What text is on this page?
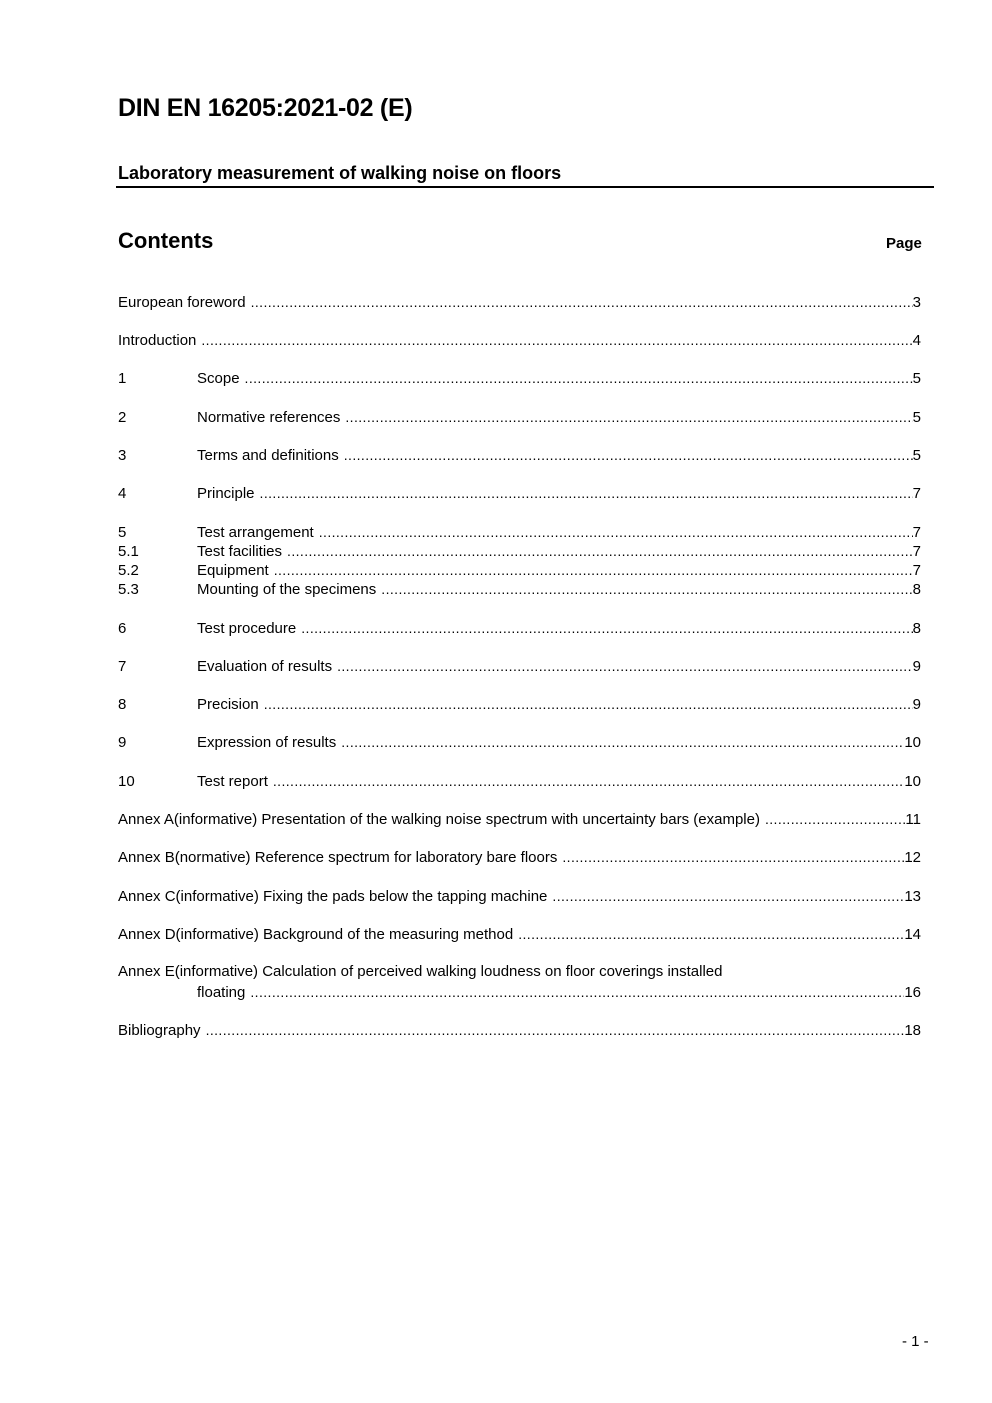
DIN EN 16205:2021-02 (E)
Laboratory measurement of walking noise on floors
Contents	Page
European foreword .....	3
Introduction .....	4
1	Scope .....	5
2	Normative references .....	5
3	Terms and definitions .....	5
4	Principle .....	7
5	Test arrangement .....	7
5.1	Test facilities .....	7
5.2	Equipment .....	7
5.3	Mounting of the specimens .....	8
6	Test procedure .....	8
7	Evaluation of results .....	9
8	Precision .....	9
9	Expression of results .....	10
10	Test report .....	10
Annex A(informative) Presentation of the walking noise spectrum with uncertainty bars (example) .....	11
Annex B(normative) Reference spectrum for laboratory bare floors .....	12
Annex C(informative) Fixing the pads below the tapping machine .....	13
Annex D(informative) Background of the measuring method .....	14
Annex E(informative) Calculation of perceived walking loudness on floor coverings installed
floating .....	16
Bibliography .....	18
- 1 -
